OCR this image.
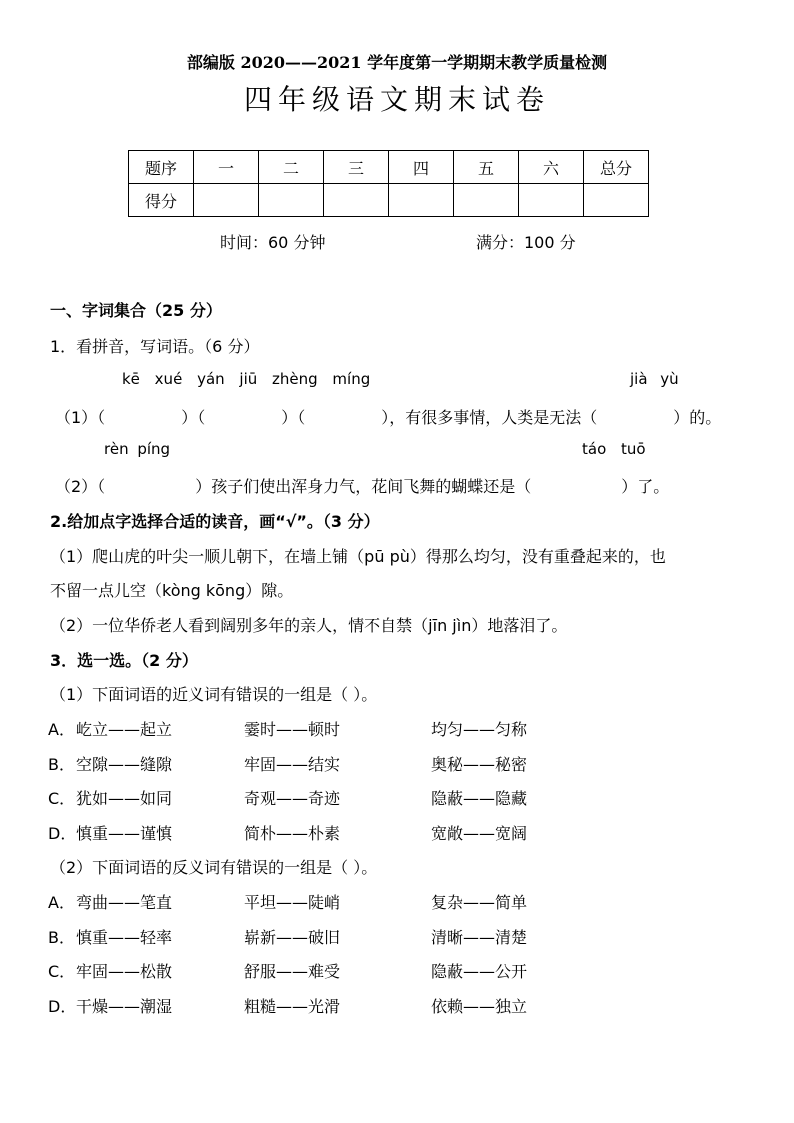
部编版 2020——2021 学年度第一学期期末教学质量检测
四年级语文期末试卷
题序	一	二	三	四	五	六	总分
得分							
时间：60 分钟	满分：100 分
一、字词集合（25 分）
1．看拼音，写词语。（6 分）
kē xué yán jiū zhèng míng	jià yù
（1）（	）（	）（	），有很多事情，人类是无法（	）的。
rèn píng	táo tuō
（2）（	）孩子们使出浑身力气，花间飞舞的蝴蝶还是（	）了。
2.给加点字选择合适的读音，画“√”。（3 分）
（1）爬山虎的叶尖一顺儿朝下，在墙上铺（pū pù）得那么均匀，没有重叠起来的，也
不留一点儿空（kòng kōng）隙。
（2）一位华侨老人看到阔别多年的亲人，情不自禁（jīn jìn）地落泪了。
3．选一选。（2 分）
（1）下面词语的近义词有错误的一组是（ ）。
A． 屹立——起立	霎时——顿时	均匀——匀称
B． 空隙——缝隙	牢固——结实	奥秘——秘密
C． 犹如——如同	奇观——奇迹	隐蔽——隐藏
D． 慎重——谨慎	简朴——朴素	宽敞——宽阔
（2）下面词语的反义词有错误的一组是（ ）。
A． 弯曲——笔直	平坦——陡峭	复杂——简单
B． 慎重——轻率	崭新——破旧	清晰——清楚
C． 牢固——松散	舒服——难受	隐蔽——公开
D． 干燥——潮湿	粗糙——光滑	依赖——独立
